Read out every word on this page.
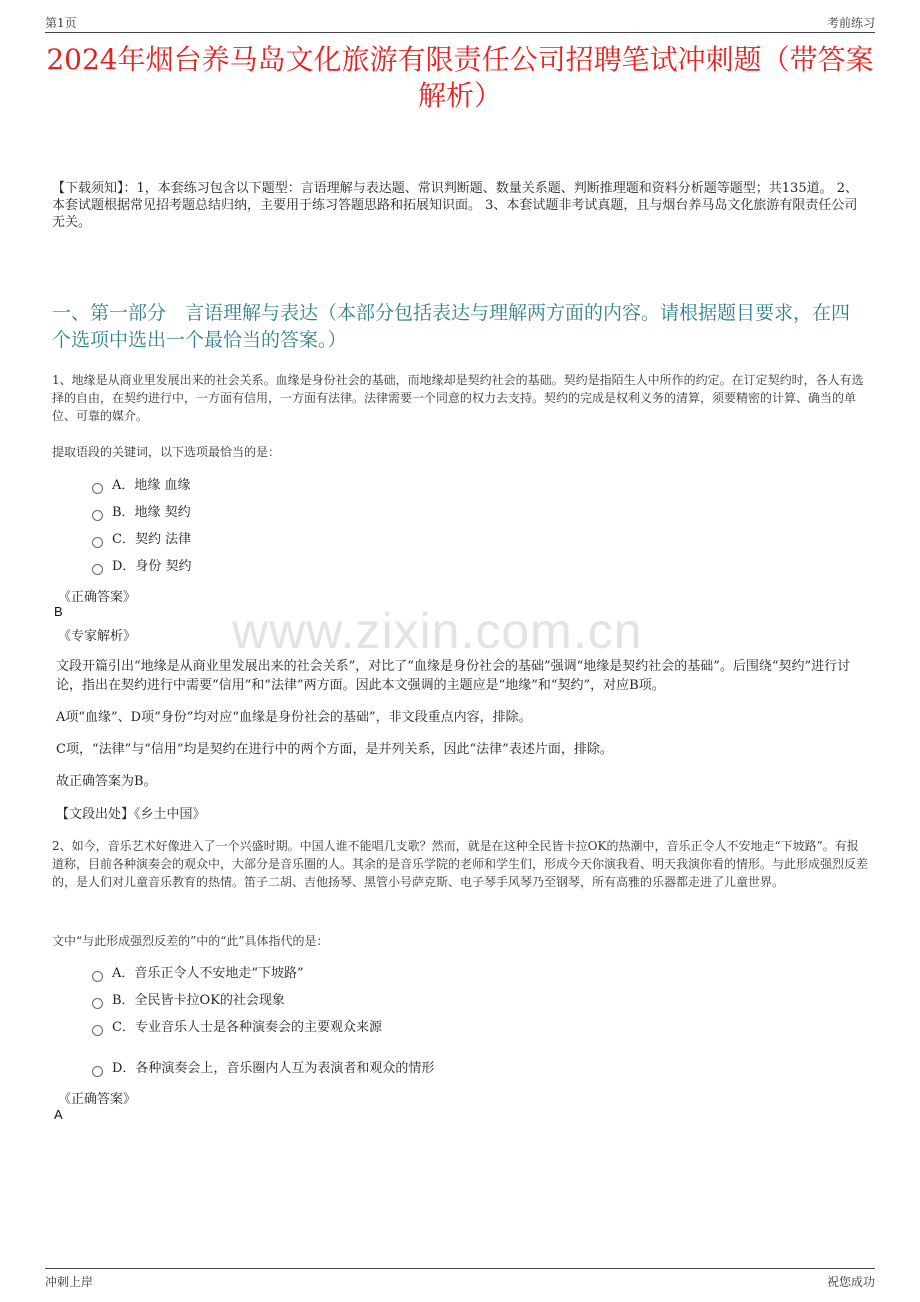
第1页	考前练习
2024年烟台养马岛文化旅游有限责任公司招聘笔试冲刺题（带答案解析）

【下载须知】：1，本套练习包含以下题型：言语理解与表达题、常识判断题、数量关系题、判断推理题和资料分析题等题型；共135道。 2、本套试题根据常见招考题总结归纳，主要用于练习答题思路和拓展知识面。 3、本套试题非考试真题，且与烟台养马岛文化旅游有限责任公司无关。

一、第一部分　言语理解与表达（本部分包括表达与理解两方面的内容。请根据题目要求，在四个选项中选出一个最恰当的答案。）

1、地缘是从商业里发展出来的社会关系。血缘是身份社会的基础，而地缘却是契约社会的基础。契约是指陌生人中所作的约定。在订定契约时，各人有选择的自由，在契约进行中，一方面有信用，一方面有法律。法律需要一个同意的权力去支持。契约的完成是权利义务的清算，须要精密的计算、确当的单位、可靠的媒介。

提取语段的关键词，以下选项最恰当的是：

A．地缘 血缘
B．地缘 契约
C．契约 法律
D．身份 契约
《正确答案》
B
《专家解析》 www.zixin.com.cn

文段开篇引出“地缘是从商业里发展出来的社会关系”，对比了“血缘是身份社会的基础”强调“地缘是契约社会的基础”。后围绕“契约”进行讨论，指出在契约进行中需要“信用”和“法律”两方面。因此本文强调的主题应是“地缘”和“契约”，对应B项。

A项“血缘”、D项“身份”均对应“血缘是身份社会的基础”，非文段重点内容，排除。

C项，“法律”与“信用”均是契约在进行中的两个方面，是并列关系，因此“法律”表述片面，排除。

故正确答案为B。

【文段出处】《乡土中国》

2、如今，音乐艺术好像进入了一个兴盛时期。中国人谁不能唱几支歌？然而，就是在这种全民皆卡拉OK的热潮中，音乐正令人不安地走“下坡路”。有报道称，目前各种演奏会的观众中，大部分是音乐圈的人。其余的是音乐学院的老师和学生们，形成今天你演我看、明天我演你看的情形。与此形成强烈反差的，是人们对儿童音乐教育的热情。笛子二胡、吉他扬琴、黑管小号萨克斯、电子琴手风琴乃至钢琴，所有高雅的乐器都走进了儿童世界。

文中“与此形成强烈反差的”中的“此”具体指代的是：

A．音乐正令人不安地走“下坡路”
B．全民皆卡拉OK的社会现象
C．专业音乐人士是各种演奏会的主要观众来源
D．各种演奏会上，音乐圈内人互为表演者和观众的情形
《正确答案》
A
冲刺上岸	祝您成功
